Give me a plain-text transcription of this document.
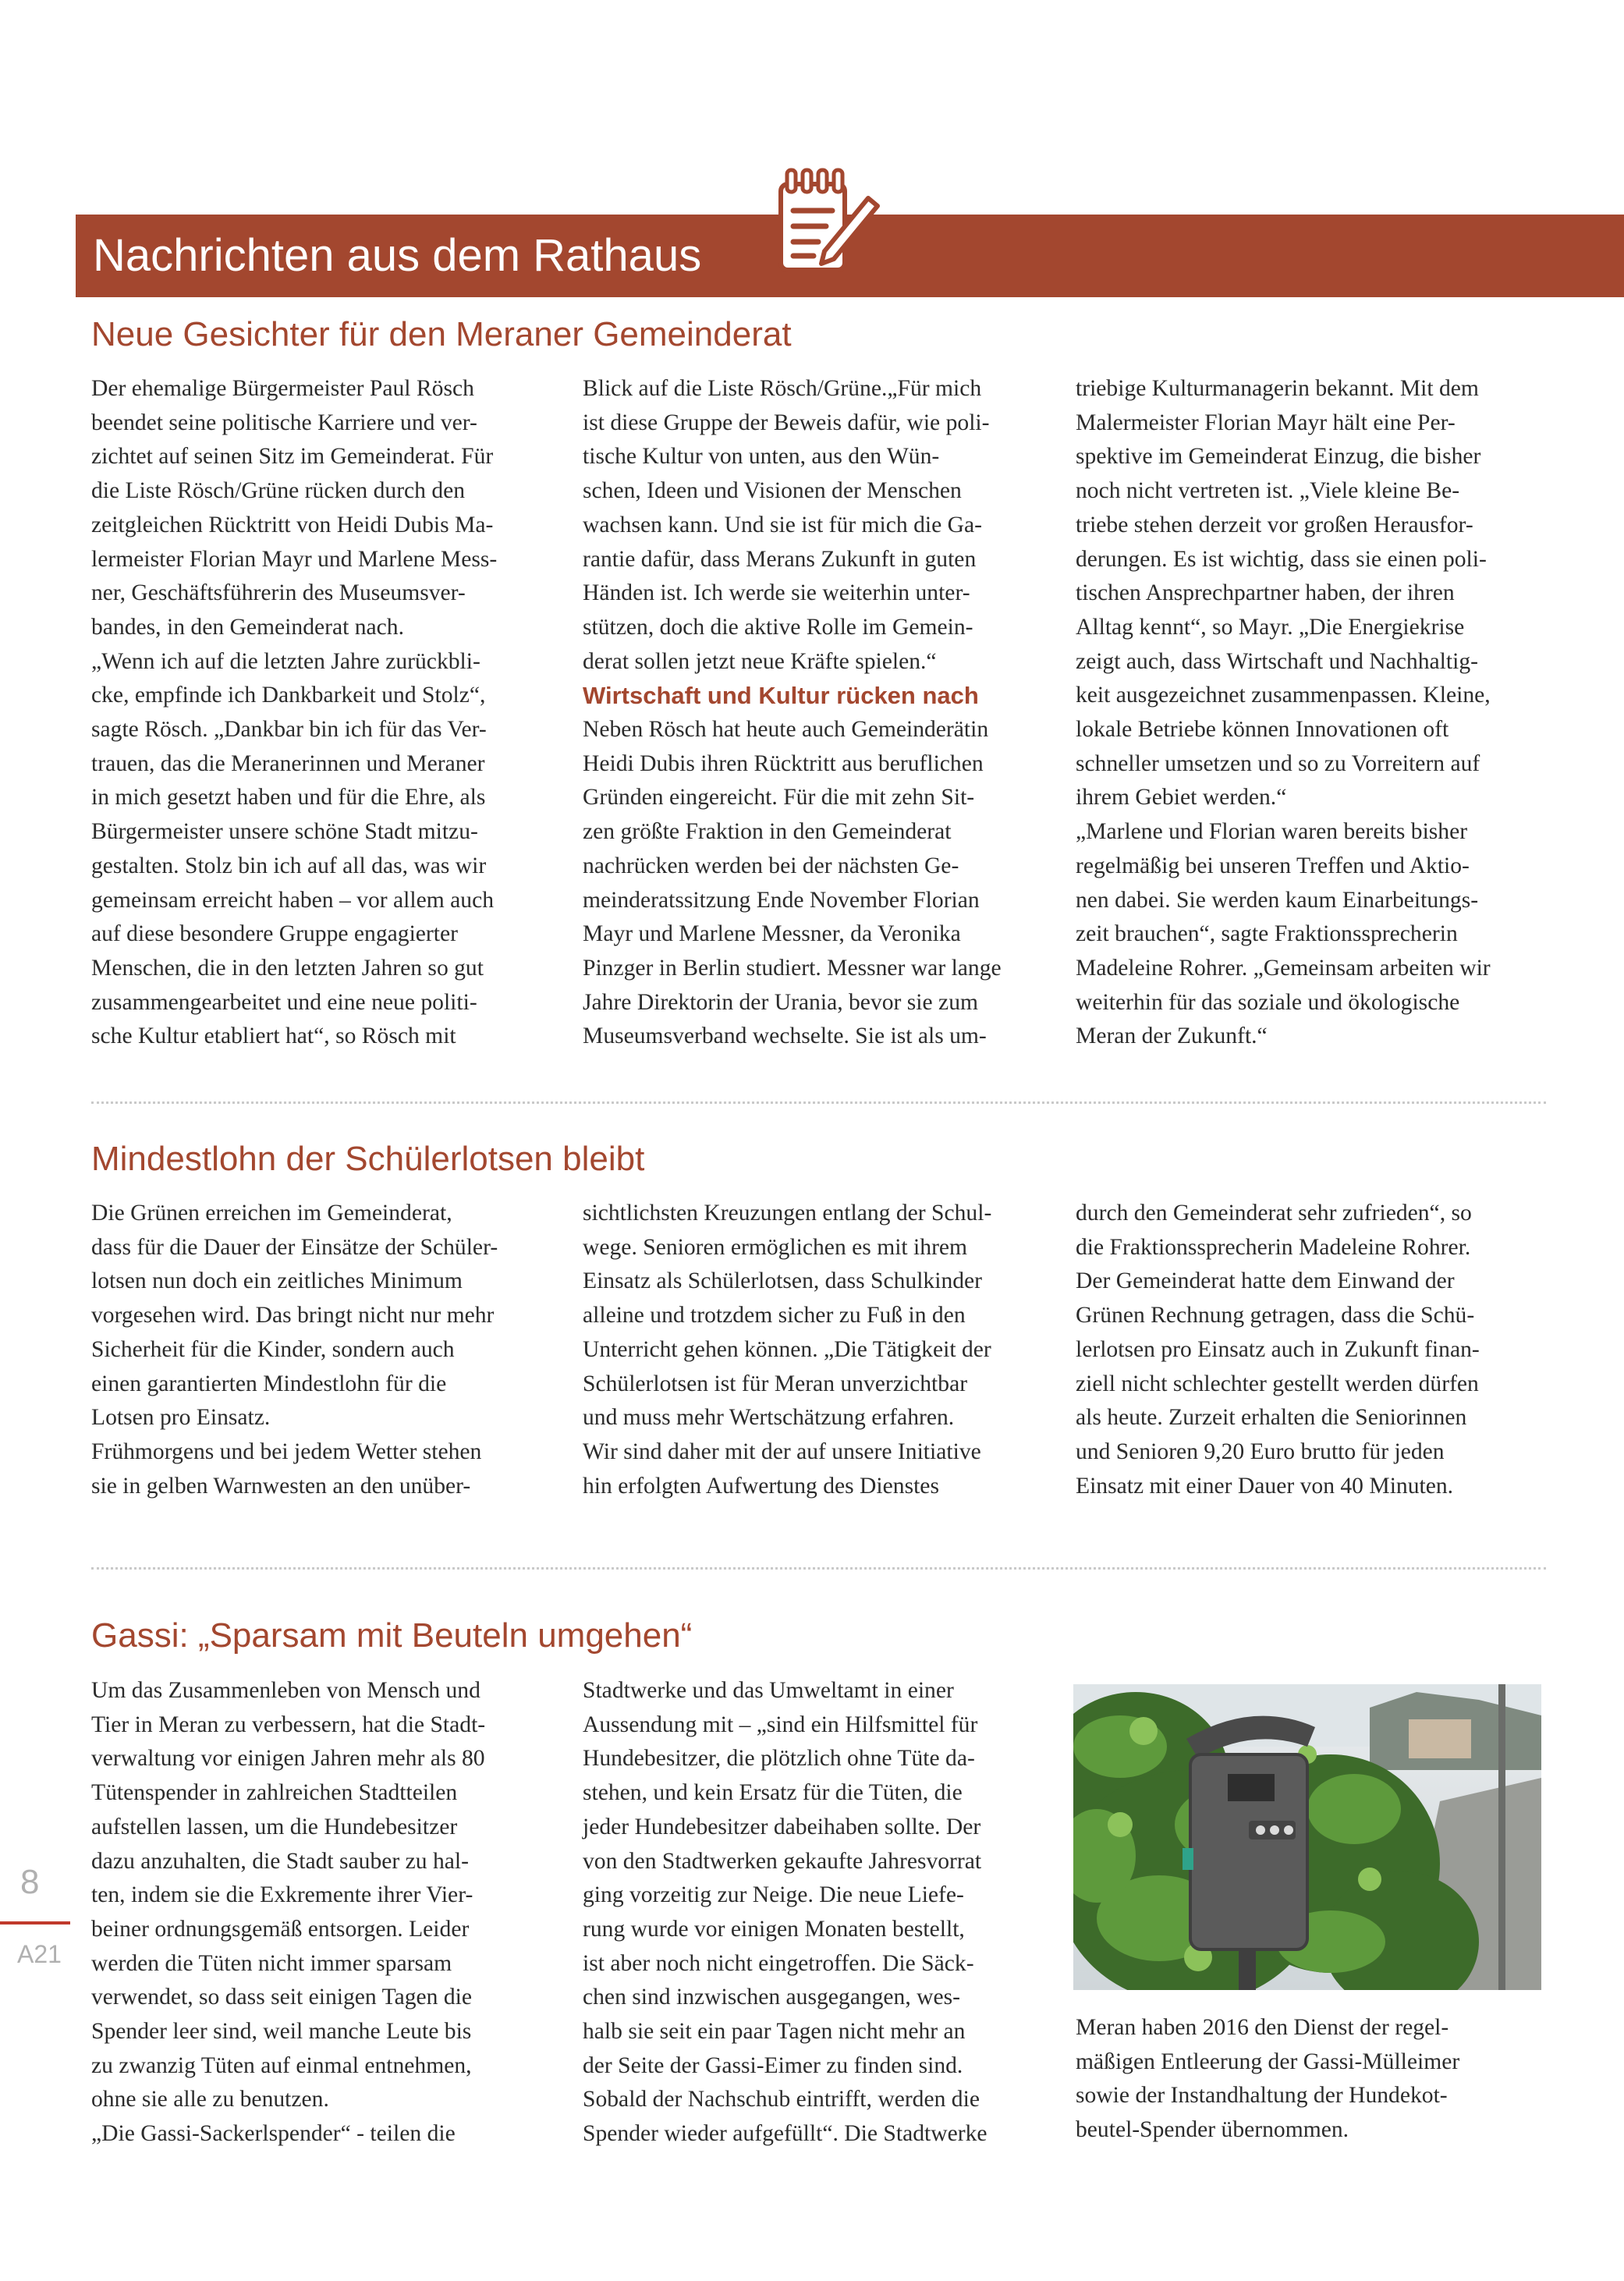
Nachrichten aus dem Rathaus
Neue Gesichter für den Meraner Gemeinderat
Der ehemalige Bürgermeister Paul Rösch
beendet seine politische Karriere und ver-
zichtet auf seinen Sitz im Gemeinderat. Für
die Liste Rösch/Grüne rücken durch den
zeitgleichen Rücktritt von Heidi Dubis Ma-
lermeister Florian Mayr und Marlene Mess-
ner, Geschäftsführerin des Museumsver-
bandes, in den Gemeinderat nach.
„Wenn ich auf die letzten Jahre zurückbli-
cke, empfinde ich Dankbarkeit und Stolz“,
sagte Rösch. „Dankbar bin ich für das Ver-
trauen, das die Meranerinnen und Meraner
in mich gesetzt haben und für die Ehre, als
Bürgermeister unsere schöne Stadt mitzu-
gestalten. Stolz bin ich auf all das, was wir
gemeinsam erreicht haben – vor allem auch
auf diese besondere Gruppe engagierter
Menschen, die in den letzten Jahren so gut
zusammengearbeitet und eine neue politi-
sche Kultur etabliert hat“, so Rösch mit
Blick auf die Liste Rösch/Grüne.„Für mich
ist diese Gruppe der Beweis dafür, wie poli-
tische Kultur von unten, aus den Wün-
schen, Ideen und Visionen der Menschen
wachsen kann. Und sie ist für mich die Ga-
rantie dafür, dass Merans Zukunft in guten
Händen ist. Ich werde sie weiterhin unter-
stützen, doch die aktive Rolle im Gemein-
derat sollen jetzt neue Kräfte spielen.“
Wirtschaft und Kultur rücken nach
Neben Rösch hat heute auch Gemeinderätin
Heidi Dubis ihren Rücktritt aus beruflichen
Gründen eingereicht. Für die mit zehn Sit-
zen größte Fraktion in den Gemeinderat
nachrücken werden bei der nächsten Ge-
meinderatssitzung Ende November Florian
Mayr und Marlene Messner, da Veronika
Pinzger in Berlin studiert. Messner war lange
Jahre Direktorin der Urania, bevor sie zum
Museumsverband wechselte. Sie ist als um-
triebige Kulturmanagerin bekannt. Mit dem
Malermeister Florian Mayr hält eine Per-
spektive im Gemeinderat Einzug, die bisher
noch nicht vertreten ist. „Viele kleine Be-
triebe stehen derzeit vor großen Herausfor-
derungen. Es ist wichtig, dass sie einen poli-
tischen Ansprechpartner haben, der ihren
Alltag kennt“, so Mayr. „Die Energiekrise
zeigt auch, dass Wirtschaft und Nachhaltig-
keit ausgezeichnet zusammenpassen. Kleine,
lokale Betriebe können Innovationen oft
schneller umsetzen und so zu Vorreitern auf
ihrem Gebiet werden.“
„Marlene und Florian waren bereits bisher
regelmäßig bei unseren Treffen und Aktio-
nen dabei. Sie werden kaum Einarbeitungs-
zeit brauchen“, sagte Fraktionssprecherin
Madeleine Rohrer. „Gemeinsam arbeiten wir
weiterhin für das soziale und ökologische
Meran der Zukunft.“
Mindestlohn der Schülerlotsen bleibt
Die Grünen erreichen im Gemeinderat,
dass für die Dauer der Einsätze der Schüler-
lotsen nun doch ein zeitliches Minimum
vorgesehen wird. Das bringt nicht nur mehr
Sicherheit für die Kinder, sondern auch
einen garantierten Mindestlohn für die
Lotsen pro Einsatz.
Frühmorgens und bei jedem Wetter stehen
sie in gelben Warnwesten an den unüber-
sichtlichsten Kreuzungen entlang der Schul-
wege. Senioren ermöglichen es mit ihrem
Einsatz als Schülerlotsen, dass Schulkinder
alleine und trotzdem sicher zu Fuß in den
Unterricht gehen können. „Die Tätigkeit der
Schülerlotsen ist für Meran unverzichtbar
und muss mehr Wertschätzung erfahren.
Wir sind daher mit der auf unsere Initiative
hin erfolgten Aufwertung des Dienstes
durch den Gemeinderat sehr zufrieden“, so
die Fraktionssprecherin Madeleine Rohrer.
Der Gemeinderat hatte dem Einwand der
Grünen Rechnung getragen, dass die Schü-
lerlotsen pro Einsatz auch in Zukunft finan-
ziell nicht schlechter gestellt werden dürfen
als heute. Zurzeit erhalten die Seniorinnen
und Senioren 9,20 Euro brutto für jeden
Einsatz mit einer Dauer von 40 Minuten.
Gassi: „Sparsam mit Beuteln umgehen“
Um das Zusammenleben von Mensch und
Tier in Meran zu verbessern, hat die Stadt-
verwaltung vor einigen Jahren mehr als 80
Tütenspender in zahlreichen Stadtteilen
aufstellen lassen, um die Hundebesitzer
dazu anzuhalten, die Stadt sauber zu hal-
ten, indem sie die Exkremente ihrer Vier-
beiner ordnungsgemäß entsorgen. Leider
werden die Tüten nicht immer sparsam
verwendet, so dass seit einigen Tagen die
Spender leer sind, weil manche Leute bis
zu zwanzig Tüten auf einmal entnehmen,
ohne sie alle zu benutzen.
„Die Gassi-Sackerlspender“ - teilen die
Stadtwerke und das Umweltamt in einer
Aussendung mit – „sind ein Hilfsmittel für
Hundebesitzer, die plötzlich ohne Tüte da-
stehen, und kein Ersatz für die Tüten, die
jeder Hundebesitzer dabeihaben sollte. Der
von den Stadtwerken gekaufte Jahresvorrat
ging vorzeitig zur Neige. Die neue Liefe-
rung wurde vor einigen Monaten bestellt,
ist aber noch nicht eingetroffen. Die Säck-
chen sind inzwischen ausgegangen, wes-
halb sie seit ein paar Tagen nicht mehr an
der Seite der Gassi-Eimer zu finden sind.
Sobald der Nachschub eintrifft, werden die
Spender wieder aufgefüllt“. Die Stadtwerke
Meran haben 2016 den Dienst der regel-
mäßigen Entleerung der Gassi-Mülleimer
sowie der Instandhaltung der Hundekot-
beutel-Spender übernommen.
8
A21
